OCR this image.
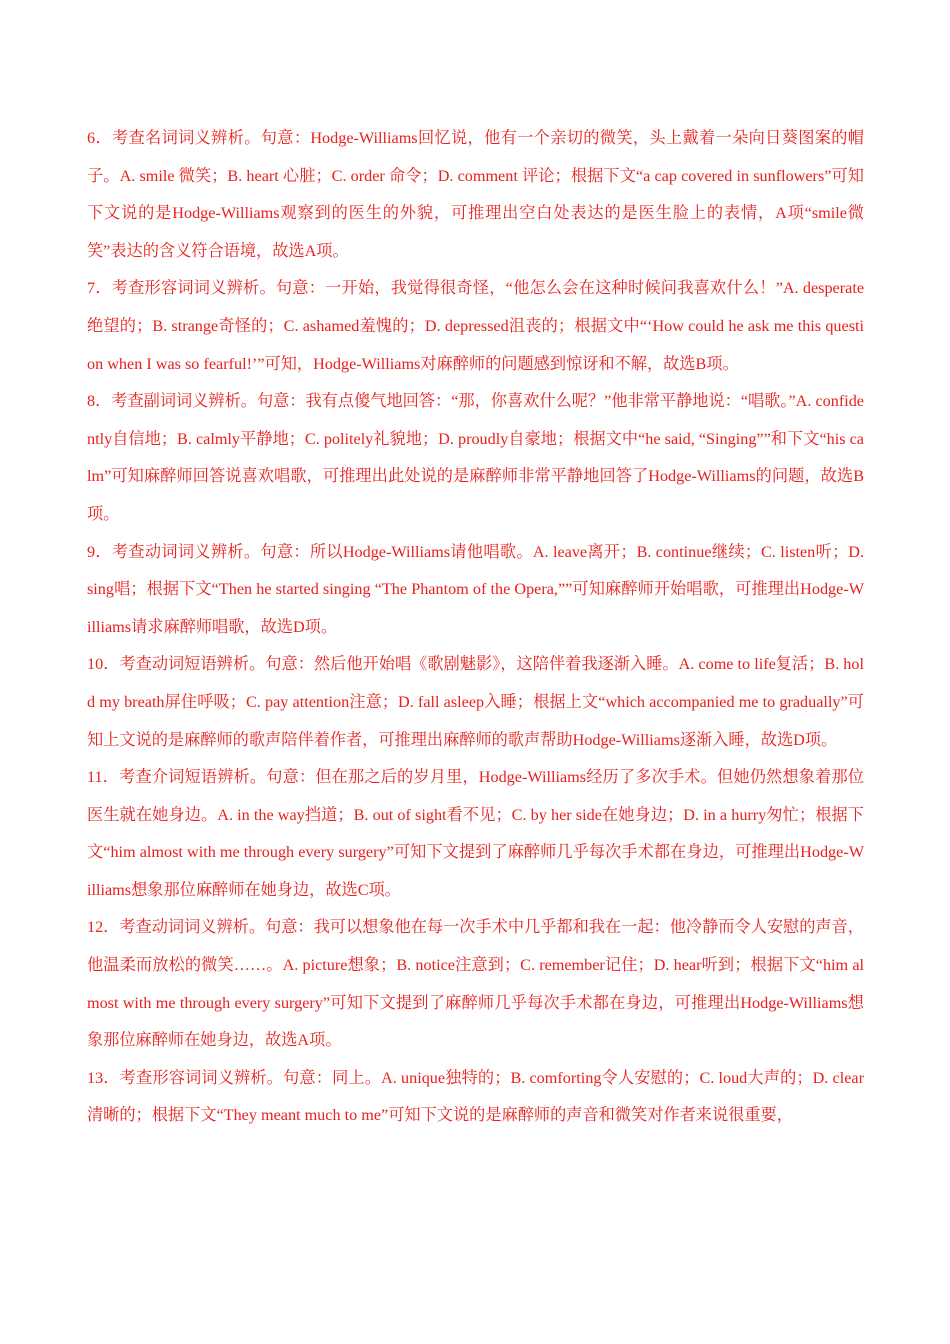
6．考查名词词义辨析。句意：Hodge-Williams回忆说，他有一个亲切的微笑，头上戴着一朵向日葵图案的帽子。A. smile 微笑；B. heart 心脏；C. order 命令；D. comment 评论；根据下文“a cap covered in sunflowers”可知下文说的是Hodge-Williams观察到的医生的外貌，可推理出空白处表达的是医生脸上的表情，A项“smile微笑”表达的含义符合语境，故选A项。

7．考查形容词词义辨析。句意：一开始，我觉得很奇怪，“他怎么会在这种时候问我喜欢什么！”A. desperate绝望的；B. strange奇怪的；C. ashamed羞愧的；D. depressed沮丧的；根据文中“‘How could he ask me this question when I was so fearful!’”可知，Hodge-Williams对麻醉师的问题感到惊讶和不解，故选B项。

8．考查副词词义辨析。句意：我有点傻气地回答：“那，你喜欢什么呢？”他非常平静地说：“唱歌。”A. confidently自信地；B. calmly平静地；C. politely礼貌地；D. proudly自豪地；根据文中“he said, “Singing””和下文“his calm”可知麻醉师回答说喜欢唱歌，可推理出此处说的是麻醉师非常平静地回答了Hodge-Williams的问题，故选B项。

9．考查动词词义辨析。句意：所以Hodge-Williams请他唱歌。A. leave离开；B. continue继续；C. listen听；D. sing唱；根据下文“Then he started singing “The Phantom of the Opera,””可知麻醉师开始唱歌，可推理出Hodge-Williams请求麻醉师唱歌，故选D项。

10．考查动词短语辨析。句意：然后他开始唱《歌剧魅影》，这陪伴着我逐渐入睡。A. come to life复活；B. hold my breath屏住呼吸；C. pay attention注意；D. fall asleep入睡；根据上文“which accompanied me to gradually”可知上文说的是麻醉师的歌声陪伴着作者，可推理出麻醉师的歌声帮助Hodge-Williams逐渐入睡，故选D项。

11．考查介词短语辨析。句意：但在那之后的岁月里，Hodge-Williams经历了多次手术。但她仍然想象着那位医生就在她身边。A. in the way挡道；B. out of sight看不见；C. by her side在她身边；D. in a hurry匆忙；根据下文“him almost with me through every surgery”可知下文提到了麻醉师几乎每次手术都在身边，可推理出Hodge-Williams想象那位麻醉师在她身边，故选C项。

12．考查动词词义辨析。句意：我可以想象他在每一次手术中几乎都和我在一起：他冷静而令人安慰的声音，他温柔而放松的微笑……。A. picture想象；B. notice注意到；C. remember记住；D. hear听到；根据下文“him almost with me through every surgery”可知下文提到了麻醉师几乎每次手术都在身边，可推理出Hodge-Williams想象那位麻醉师在她身边，故选A项。

13．考查形容词词义辨析。句意：同上。A. unique独特的；B. comforting令人安慰的；C. loud大声的；D. clear清晰的；根据下文“They meant much to me”可知下文说的是麻醉师的声音和微笑对作者来说很重要，
